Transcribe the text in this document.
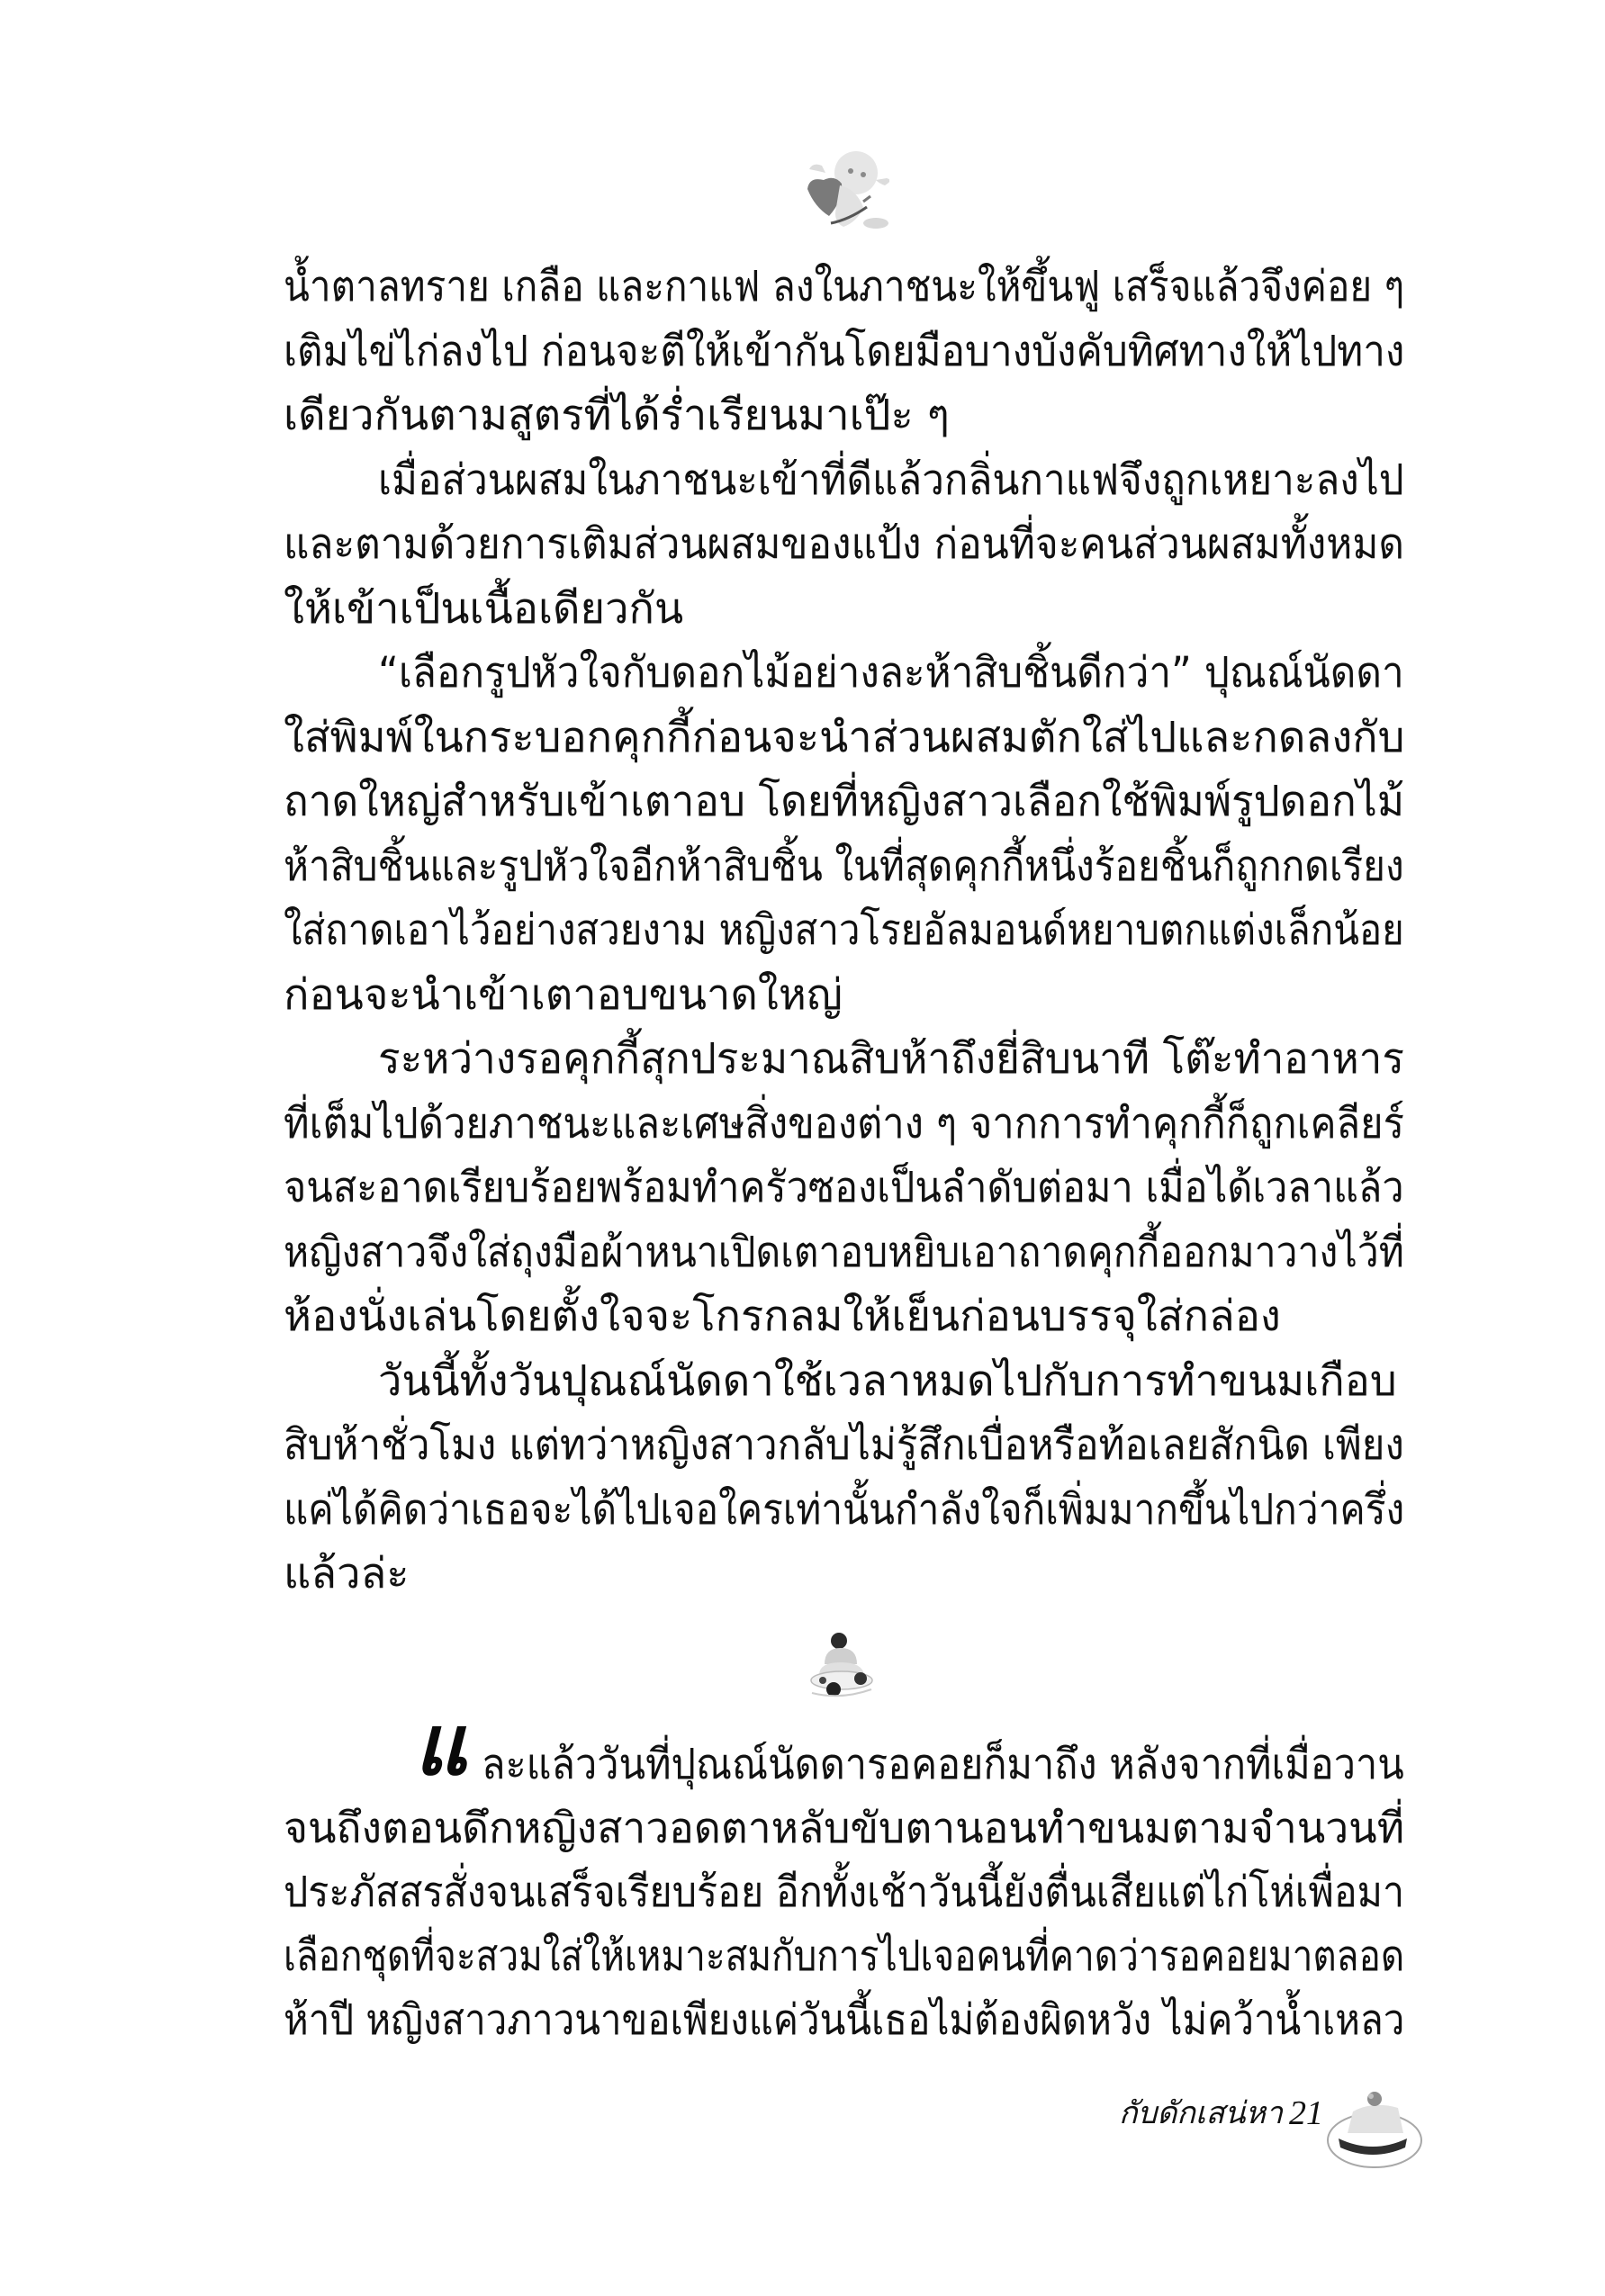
น้ำตาลทราย เกลือ และกาแฟ ลงในภาชนะให้ขึ้นฟู เสร็จแล้วจึงค่อย ๆ
เติมไข่ไก่ลงไป ก่อนจะตีให้เข้ากันโดยมือบางบังคับทิศทางให้ไปทาง
เดียวกันตามสูตรที่ได้ร่ำเรียนมาเป๊ะ ๆ
เมื่อส่วนผสมในภาชนะเข้าที่ดีแล้วกลิ่นกาแฟจึงถูกเหยาะลงไป
และตามด้วยการเติมส่วนผสมของแป้ง ก่อนที่จะคนส่วนผสมทั้งหมด
ให้เข้าเป็นเนื้อเดียวกัน
“เลือกรูปหัวใจกับดอกไม้อย่างละห้าสิบชิ้นดีกว่า” ปุณณ์นัดดา
ใส่พิมพ์ในกระบอกคุกกี้ก่อนจะนำส่วนผสมตักใส่ไปและกดลงกับ
ถาดใหญ่สำหรับเข้าเตาอบ โดยที่หญิงสาวเลือกใช้พิมพ์รูปดอกไม้
ห้าสิบชิ้นและรูปหัวใจอีกห้าสิบชิ้น ในที่สุดคุกกี้หนึ่งร้อยชิ้นก็ถูกกดเรียง
ใส่ถาดเอาไว้อย่างสวยงาม หญิงสาวโรยอัลมอนด์หยาบตกแต่งเล็กน้อย
ก่อนจะนำเข้าเตาอบขนาดใหญ่
ระหว่างรอคุกกี้สุกประมาณสิบห้าถึงยี่สิบนาที โต๊ะทำอาหาร
ที่เต็มไปด้วยภาชนะและเศษสิ่งของต่าง ๆ จากการทำคุกกี้ก็ถูกเคลียร์
จนสะอาดเรียบร้อยพร้อมทำครัวซองเป็นลำดับต่อมา เมื่อได้เวลาแล้ว
หญิงสาวจึงใส่ถุงมือผ้าหนาเปิดเตาอบหยิบเอาถาดคุกกี้ออกมาวางไว้ที่
ห้องนั่งเล่นโดยตั้งใจจะโกรกลมให้เย็นก่อนบรรจุใส่กล่อง
วันนี้ทั้งวันปุณณ์นัดดาใช้เวลาหมดไปกับการทำขนมเกือบ
สิบห้าชั่วโมง แต่ทว่าหญิงสาวกลับไม่รู้สึกเบื่อหรือท้อเลยสักนิด เพียง
แค่ได้คิดว่าเธอจะได้ไปเจอใครเท่านั้นกำลังใจก็เพิ่มมากขึ้นไปกว่าครึ่ง
แล้วล่ะ
แ ละแล้ววันที่ปุณณ์นัดดารอคอยก็มาถึง หลังจากที่เมื่อวาน
จนถึงตอนดึกหญิงสาวอดตาหลับขับตานอนทำขนมตามจำนวนที่
ประภัสสรสั่งจนเสร็จเรียบร้อย อีกทั้งเช้าวันนี้ยังตื่นเสียแต่ไก่โห่เพื่อมา
เลือกชุดที่จะสวมใส่ให้เหมาะสมกับการไปเจอคนที่คาดว่ารอคอยมาตลอด
ห้าปี หญิงสาวภาวนาขอเพียงแค่วันนี้เธอไม่ต้องผิดหวัง ไม่คว้าน้ำเหลว
กับดักเสน่หา 21
